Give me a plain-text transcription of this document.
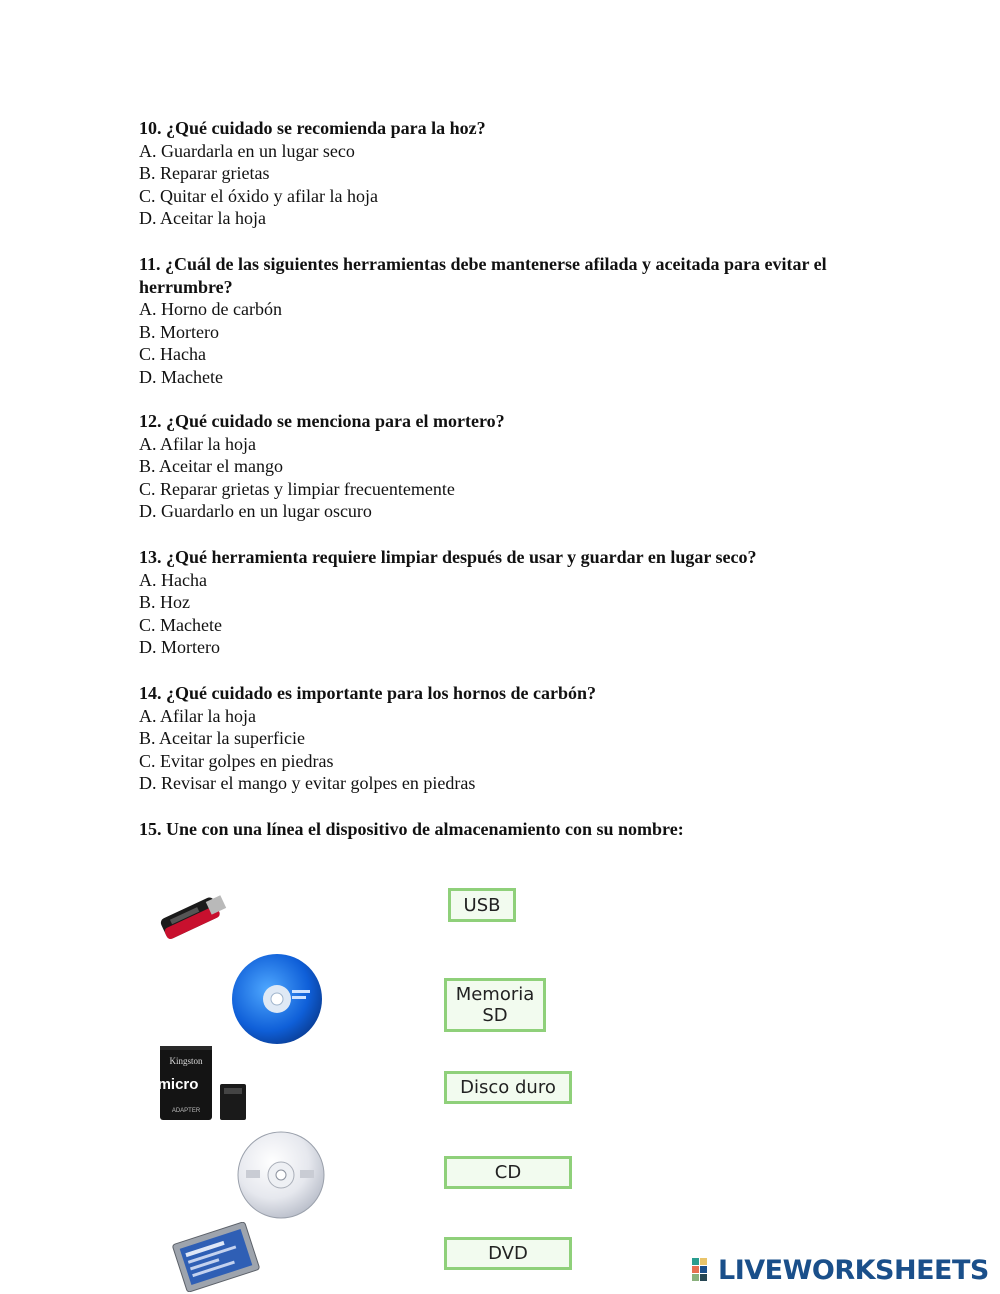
10. ¿Qué cuidado se recomienda para la hoz?
A. Guardarla en un lugar seco
B. Reparar grietas
C. Quitar el óxido y afilar la hoja
D. Aceitar la hoja
11. ¿Cuál de las siguientes herramientas debe mantenerse afilada y aceitada para evitar el herrumbre?
A. Horno de carbón
B. Mortero
C. Hacha
D. Machete
12. ¿Qué cuidado se menciona para el mortero?
A. Afilar la hoja
B. Aceitar el mango
C. Reparar grietas y limpiar frecuentemente
D. Guardarlo en un lugar oscuro
13. ¿Qué herramienta requiere limpiar después de usar y guardar en lugar seco?
A. Hacha
B. Hoz
C. Machete
D. Mortero
14. ¿Qué cuidado es importante para los hornos de carbón?
A. Afilar la hoja
B. Aceitar la superficie
C. Evitar golpes en piedras
D. Revisar el mango y evitar golpes en piedras
15. Une con una línea el dispositivo de almacenamiento con su nombre:
Kingston
micro
ADAPTER
USB
Memoria SD
Disco duro
CD
DVD
LIVEWORKSHEETS
